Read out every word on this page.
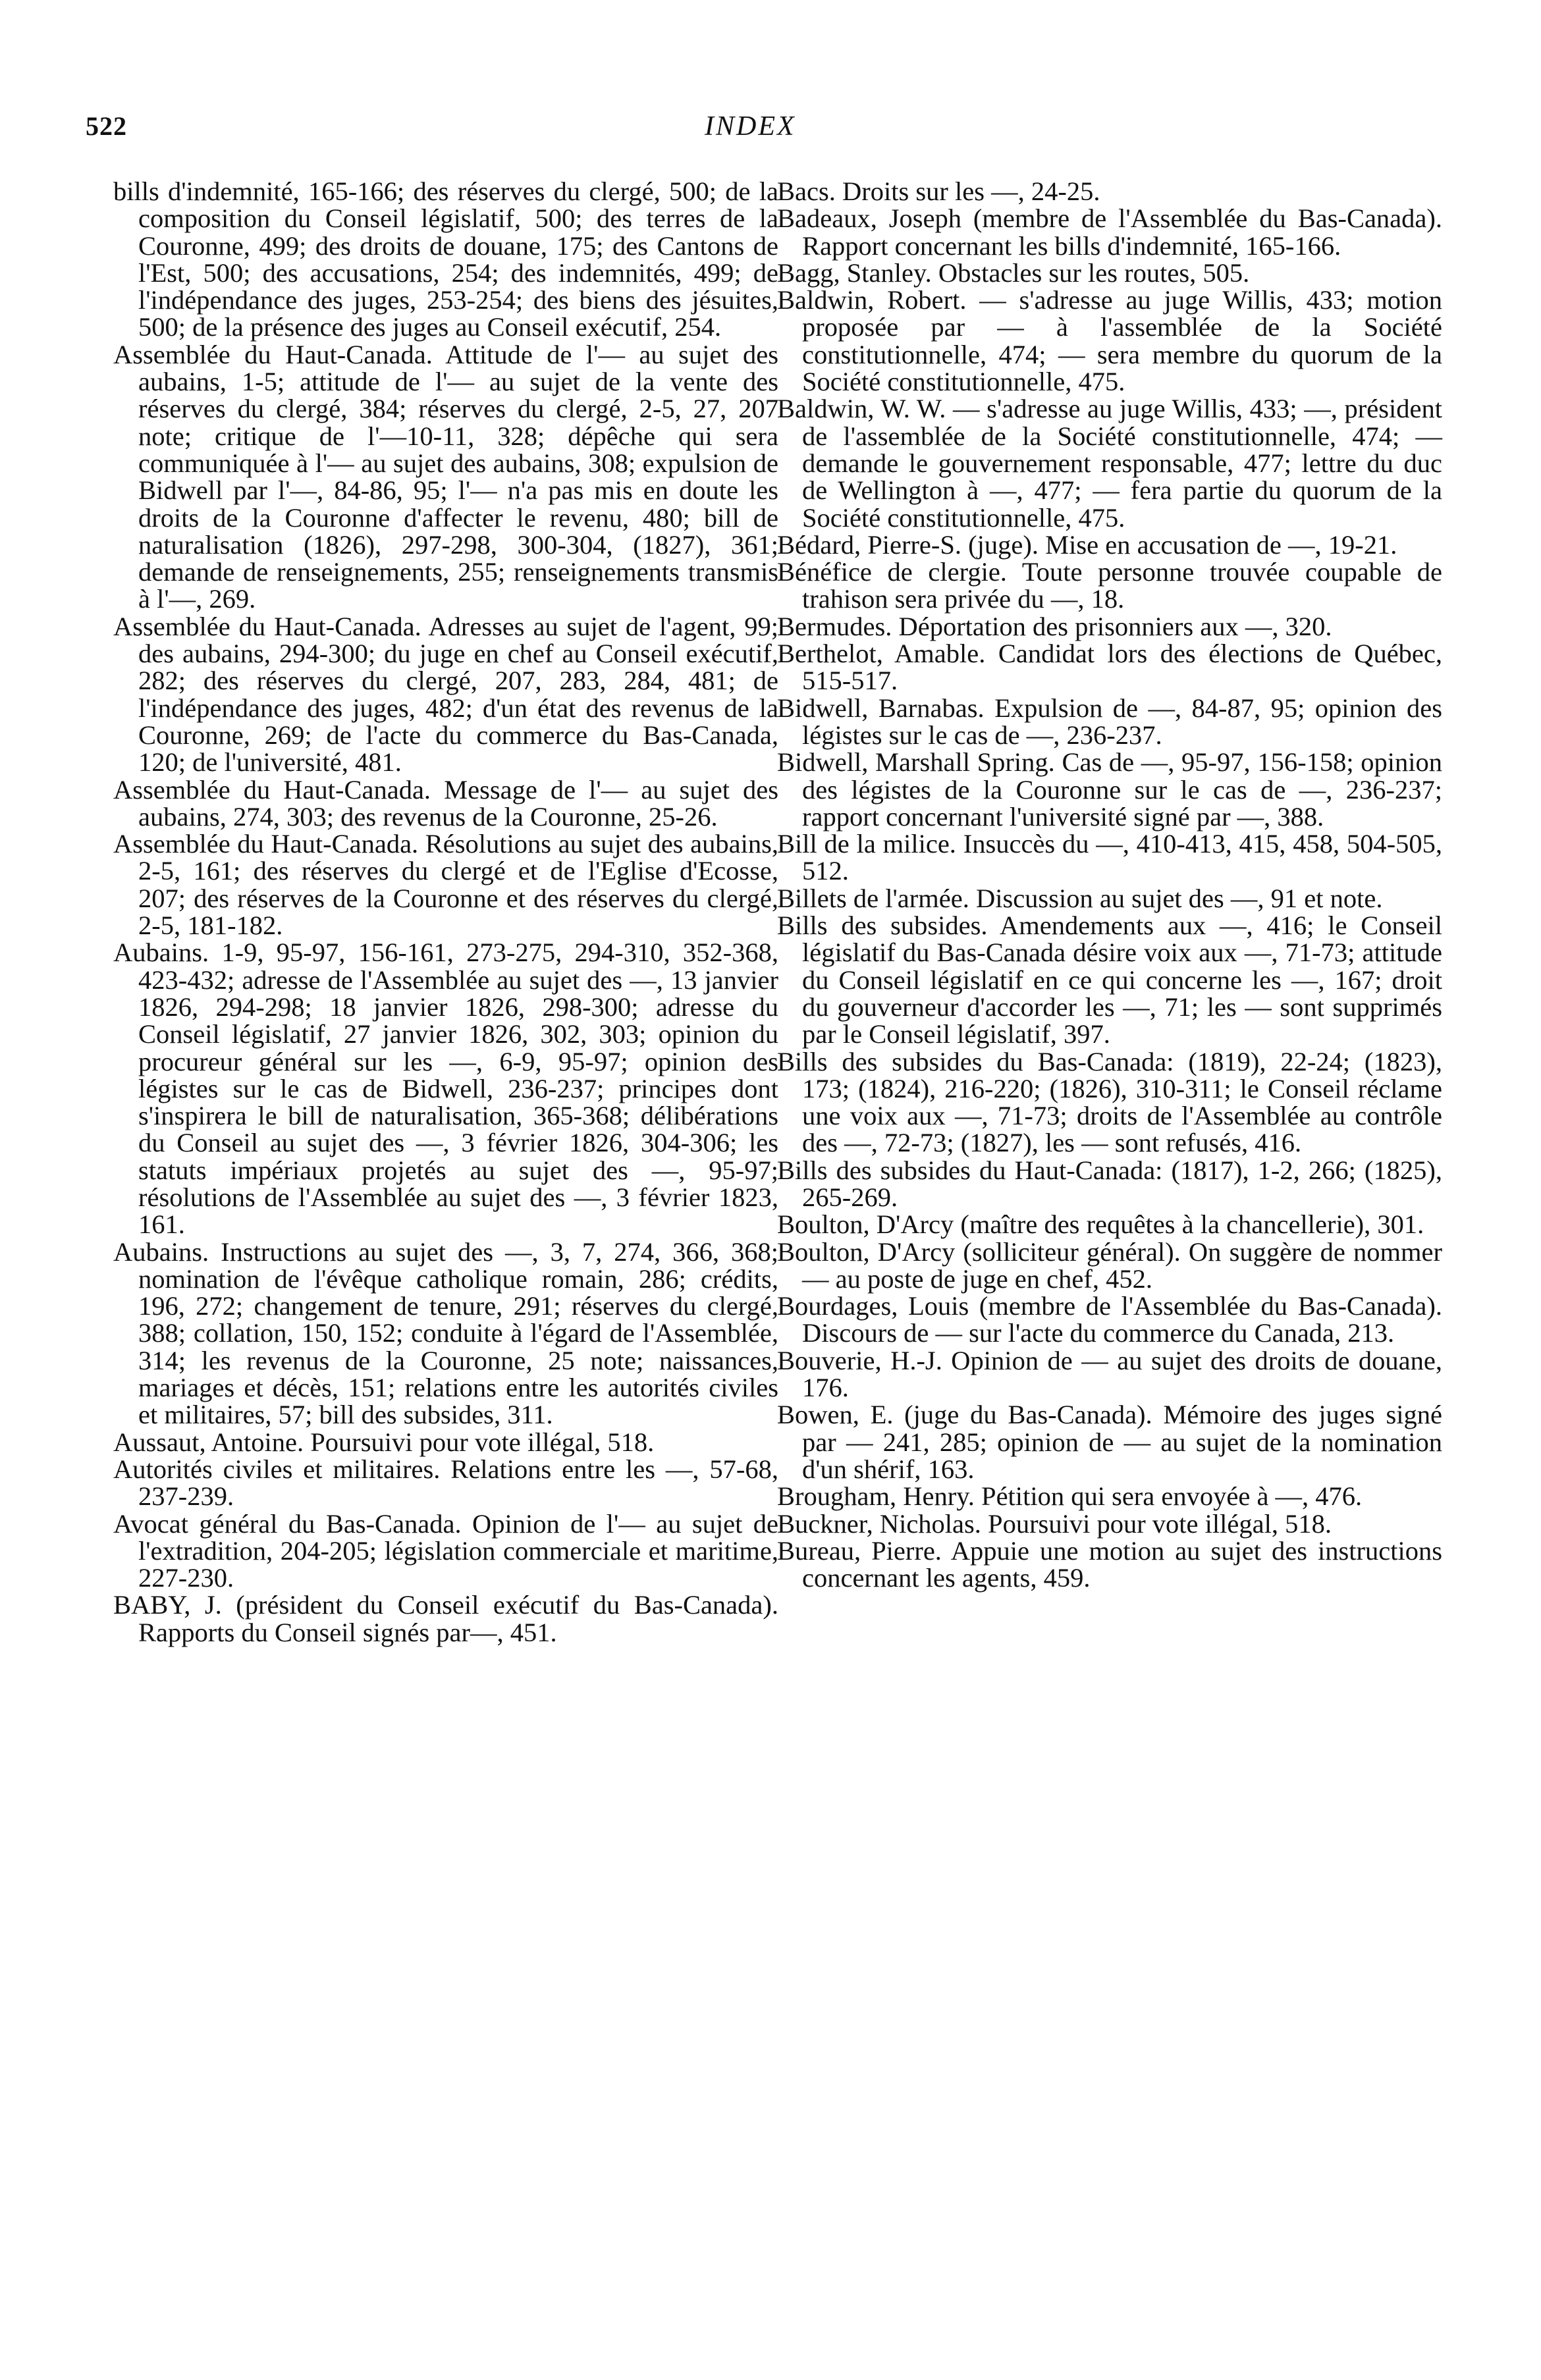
522	INDEX

bills d'indemnité, 165-166; des réserves du clergé, 500; de la composition du Conseil législatif, 500; des terres de la Couronne, 499; des droits de douane, 175; des Cantons de l'Est, 500; des accusations, 254; des indemnités, 499; de l'indépendance des juges, 253-254; des biens des jésuites, 500; de la présence des juges au Conseil exécutif, 254.

Assemblée du Haut-Canada. Attitude de l'— au sujet des aubains, 1-5; attitude de l'— au sujet de la vente des réserves du clergé, 384; réserves du clergé, 2-5, 27, 207 note; critique de l'—10-11, 328; dépêche qui sera communiquée à l'— au sujet des aubains, 308; expulsion de Bidwell par l'—, 84-86, 95; l'— n'a pas mis en doute les droits de la Couronne d'affecter le revenu, 480; bill de naturalisation (1826), 297-298, 300-304, (1827), 361; demande de renseignements, 255; renseignements transmis à l'—, 269.

Assemblée du Haut-Canada. Adresses au sujet de l'agent, 99; des aubains, 294-300; du juge en chef au Conseil exécutif, 282; des réserves du clergé, 207, 283, 284, 481; de l'indépendance des juges, 482; d'un état des revenus de la Couronne, 269; de l'acte du commerce du Bas-Canada, 120; de l'université, 481.

Assemblée du Haut-Canada. Message de l'— au sujet des aubains, 274, 303; des revenus de la Couronne, 25-26.

Assemblée du Haut-Canada. Résolutions au sujet des aubains, 2-5, 161; des réserves du clergé et de l'Eglise d'Ecosse, 207; des réserves de la Couronne et des réserves du clergé, 2-5, 181-182.

Aubains. 1-9, 95-97, 156-161, 273-275, 294-310, 352-368, 423-432; adresse de l'Assemblée au sujet des —, 13 janvier 1826, 294-298; 18 janvier 1826, 298-300; adresse du Conseil législatif, 27 janvier 1826, 302, 303; opinion du procureur général sur les —, 6-9, 95-97; opinion des légistes sur le cas de Bidwell, 236-237; principes dont s'inspirera le bill de naturalisation, 365-368; délibérations du Conseil au sujet des —, 3 février 1826, 304-306; les statuts impériaux projetés au sujet des —, 95-97; résolutions de l'Assemblée au sujet des —, 3 février 1823, 161.

Aubains. Instructions au sujet des —, 3, 7, 274, 366, 368; nomination de l'évêque catholique romain, 286; crédits, 196, 272; changement de tenure, 291; réserves du clergé, 388; collation, 150, 152; conduite à l'égard de l'Assemblée, 314; les revenus de la Couronne, 25 note; naissances, mariages et décès, 151; relations entre les autorités civiles et militaires, 57; bill des subsides, 311.

Aussaut, Antoine. Poursuivi pour vote illégal, 518.

Autorités civiles et militaires. Relations entre les —, 57-68, 237-239.

Avocat général du Bas-Canada. Opinion de l'— au sujet de l'extradition, 204-205; législation commerciale et maritime, 227-230.

BABY, J. (président du Conseil exécutif du Bas-Canada). Rapports du Conseil signés par—, 451.

Bacs. Droits sur les —, 24-25.

Badeaux, Joseph (membre de l'Assemblée du Bas-Canada). Rapport concernant les bills d'indemnité, 165-166.

Bagg, Stanley. Obstacles sur les routes, 505.

Baldwin, Robert. — s'adresse au juge Willis, 433; motion proposée par — à l'assemblée de la Société constitutionnelle, 474; — sera membre du quorum de la Société constitutionnelle, 475.

Baldwin, W. W. — s'adresse au juge Willis, 433; —, président de l'assemblée de la Société constitutionnelle, 474; — demande le gouvernement responsable, 477; lettre du duc de Wellington à —, 477; — fera partie du quorum de la Société constitutionnelle, 475.

Bédard, Pierre-S. (juge). Mise en accusation de —, 19-21.

Bénéfice de clergie. Toute personne trouvée coupable de trahison sera privée du —, 18.

Bermudes. Déportation des prisonniers aux —, 320.

Berthelot, Amable. Candidat lors des élections de Québec, 515-517.

Bidwell, Barnabas. Expulsion de —, 84-87, 95; opinion des légistes sur le cas de —, 236-237.

Bidwell, Marshall Spring. Cas de —, 95-97, 156-158; opinion des légistes de la Couronne sur le cas de —, 236-237; rapport concernant l'université signé par —, 388.

Bill de la milice. Insuccès du —, 410-413, 415, 458, 504-505, 512.

Billets de l'armée. Discussion au sujet des —, 91 et note.

Bills des subsides. Amendements aux —, 416; le Conseil législatif du Bas-Canada désire voix aux —, 71-73; attitude du Conseil législatif en ce qui concerne les —, 167; droit du gouverneur d'accorder les —, 71; les — sont supprimés par le Conseil législatif, 397.

Bills des subsides du Bas-Canada: (1819), 22-24; (1823), 173; (1824), 216-220; (1826), 310-311; le Conseil réclame une voix aux —, 71-73; droits de l'Assemblée au contrôle des —, 72-73; (1827), les — sont refusés, 416.

Bills des subsides du Haut-Canada: (1817), 1-2, 266; (1825), 265-269.

Boulton, D'Arcy (maître des requêtes à la chancellerie), 301.

Boulton, D'Arcy (solliciteur général). On suggère de nommer — au poste de juge en chef, 452.

Bourdages, Louis (membre de l'Assemblée du Bas-Canada). Discours de — sur l'acte du commerce du Canada, 213.

Bouverie, H.-J. Opinion de — au sujet des droits de douane, 176.

Bowen, E. (juge du Bas-Canada). Mémoire des juges signé par — 241, 285; opinion de — au sujet de la nomination d'un shérif, 163.

Brougham, Henry. Pétition qui sera envoyée à —, 476.

Buckner, Nicholas. Poursuivi pour vote illégal, 518.

Bureau, Pierre. Appuie une motion au sujet des instructions concernant les agents, 459.
